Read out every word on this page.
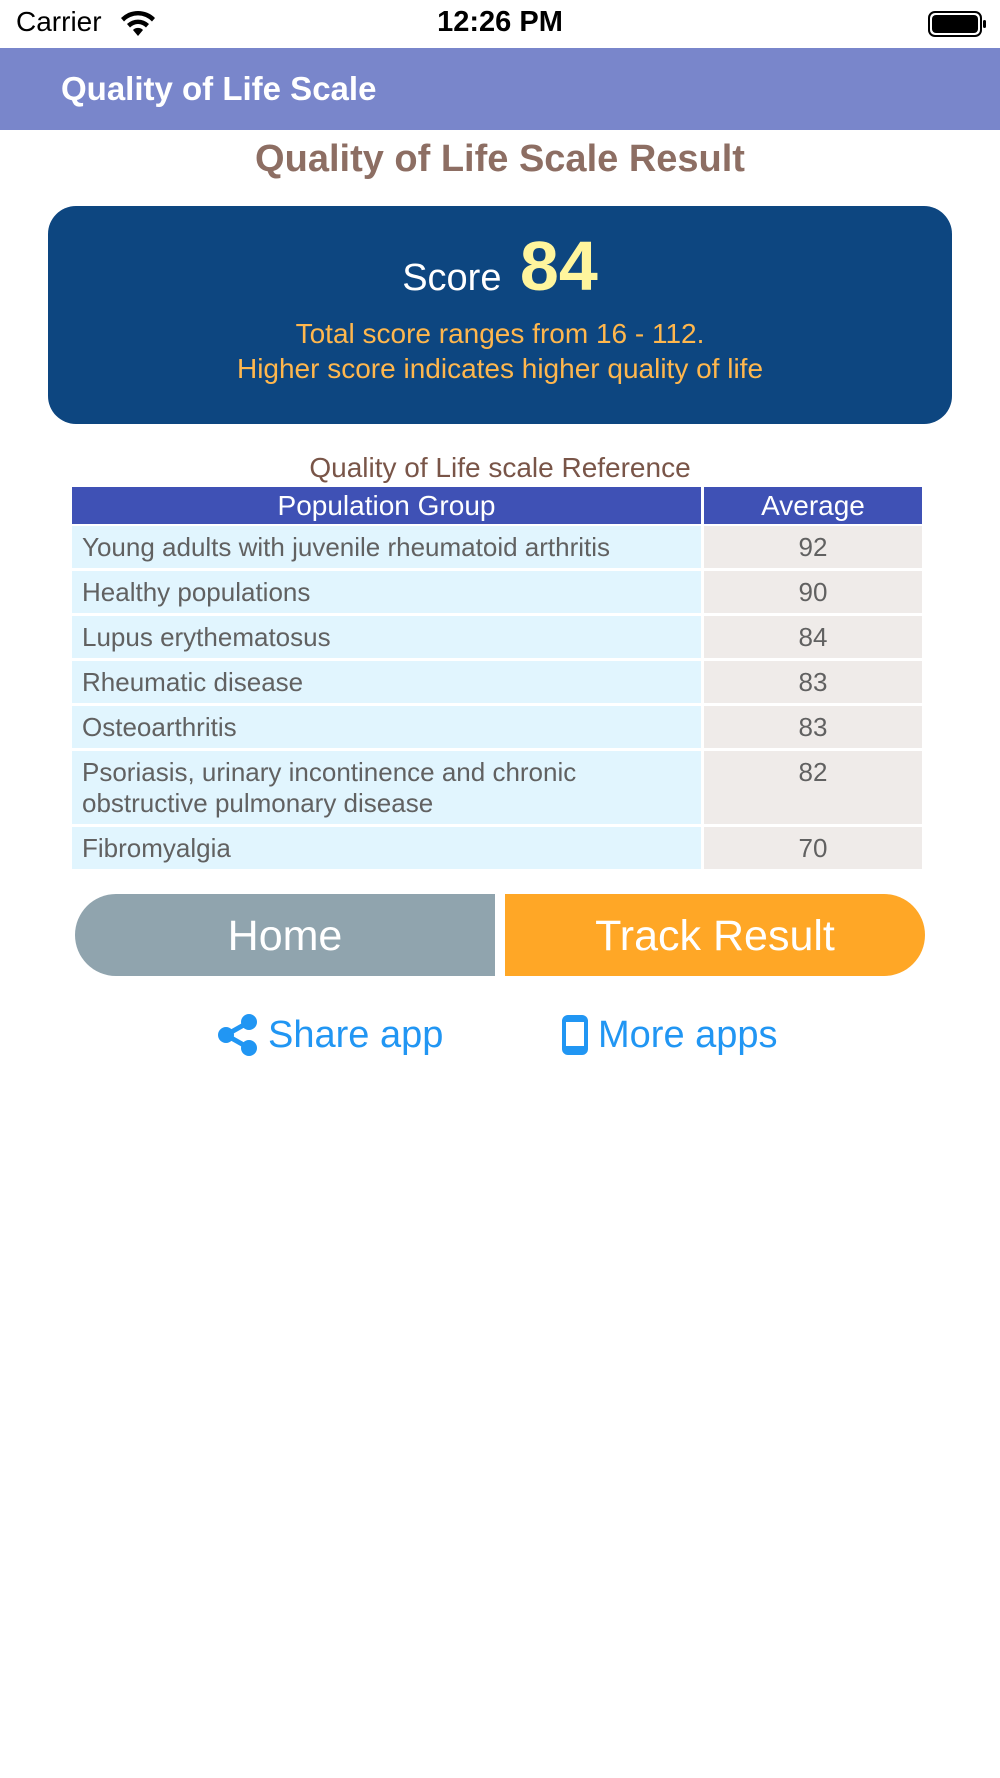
Carrier	12:26 PM
Quality of Life Scale
Quality of Life Scale Result
Score 84
Total score ranges from 16 - 112.
Higher score indicates higher quality of life
Quality of Life scale Reference
Population Group	Average
Young adults with juvenile rheumatoid arthritis	92
Healthy populations	90
Lupus erythematosus	84
Rheumatic disease	83
Osteoarthritis	83
Psoriasis, urinary incontinence and chronic obstructive pulmonary disease	82
Fibromyalgia	70
Home	Track Result
Share app	More apps
